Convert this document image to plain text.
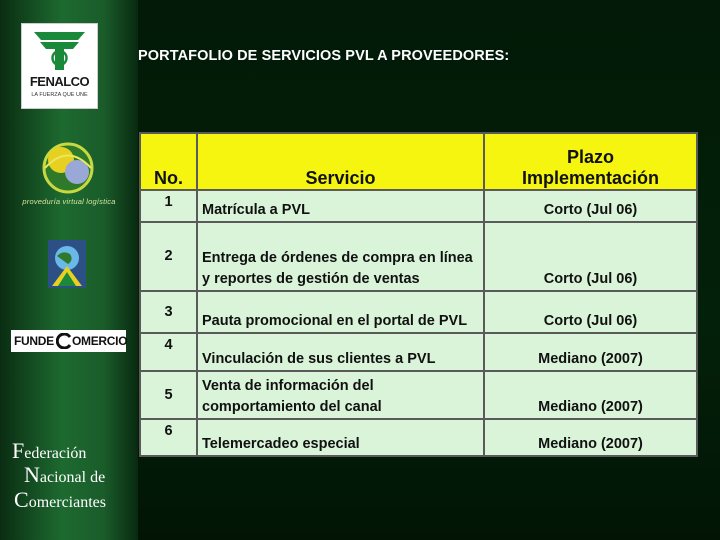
FENALCO
LA FUERZA QUE UNE
proveduría virtual logística
FUNDE OMERCIO
Federación
Nacional de
Comerciantes
PORTAFOLIO DE SERVICIOS PVL A PROVEEDORES:
No.	Servicio	Plazo
Implementación

1	Matrícula a PVL	Corto (Jul 06)
2	Entrega de órdenes de compra en línea y reportes de gestión de ventas	Corto (Jul 06)
3	Pauta promocional en el portal de PVL	Corto (Jul 06)
4	Vinculación de sus clientes a PVL	Mediano (2007)
5	Venta de información del comportamiento del canal	Mediano (2007)
6	Telemercadeo especial	Mediano (2007)
